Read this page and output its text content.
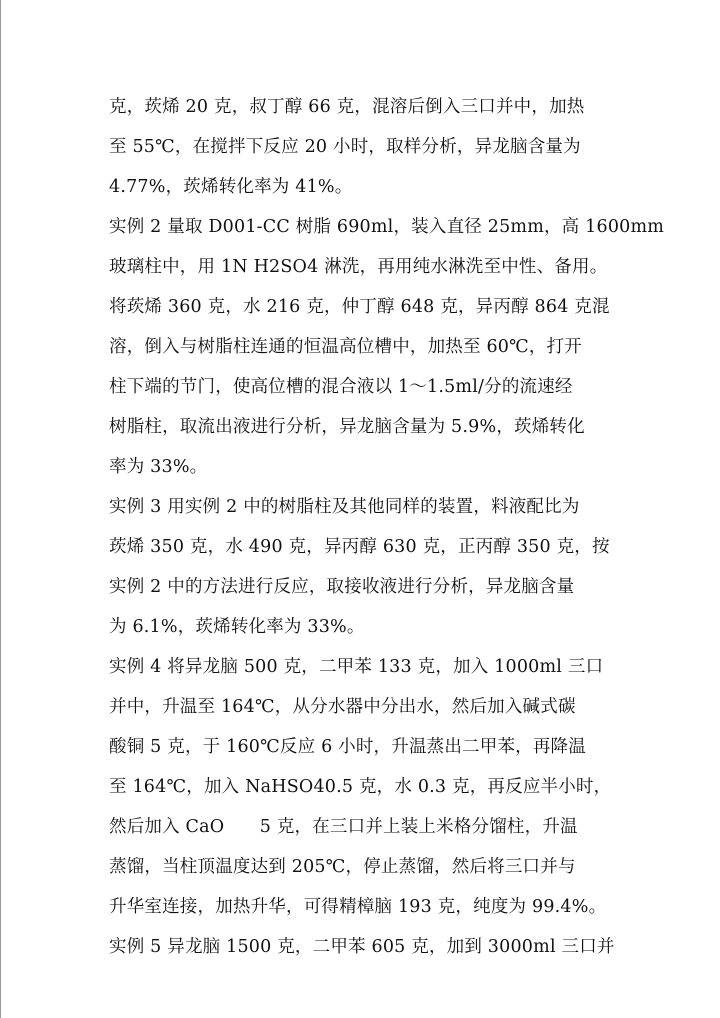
克，莰烯 20 克，叔丁醇 66 克，混溶后倒入三口并中，加热
至 55℃，在搅拌下反应 20 小时，取样分析，异龙脑含量为
4.77%，莰烯转化率为 41%。
实例 2 量取 D001-CC 树脂 690ml，装入直径 25mm，高 1600mm
玻璃柱中，用 1N H2SO4 淋洗，再用纯水淋洗至中性、备用。
将莰烯 360 克，水 216 克，仲丁醇 648 克，异丙醇 864 克混
溶，倒入与树脂柱连通的恒温高位槽中，加热至 60℃，打开
柱下端的节门，使高位槽的混合液以 1～1.5ml/分的流速经
树脂柱，取流出液进行分析，异龙脑含量为 5.9%，莰烯转化
率为 33%。
实例 3 用实例 2 中的树脂柱及其他同样的装置，料液配比为
莰烯 350 克，水 490 克，异丙醇 630 克，正丙醇 350 克，按
实例 2 中的方法进行反应，取接收液进行分析，异龙脑含量
为 6.1%，莰烯转化率为 33%。
实例 4 将异龙脑 500 克，二甲苯 133 克，加入 1000ml 三口
并中，升温至 164℃，从分水器中分出水，然后加入碱式碳
酸铜 5 克，于 160℃反应 6 小时，升温蒸出二甲苯，再降温
至 164℃，加入 NaHSO40.5 克，水 0.3 克，再反应半小时，
然后加入 CaO　　5 克，在三口并上装上米格分馏柱，升温
蒸馏，当柱顶温度达到 205℃，停止蒸馏，然后将三口并与
升华室连接，加热升华，可得精樟脑 193 克，纯度为 99.4%。
实例 5 异龙脑 1500 克，二甲苯 605 克，加到 3000ml 三口并
